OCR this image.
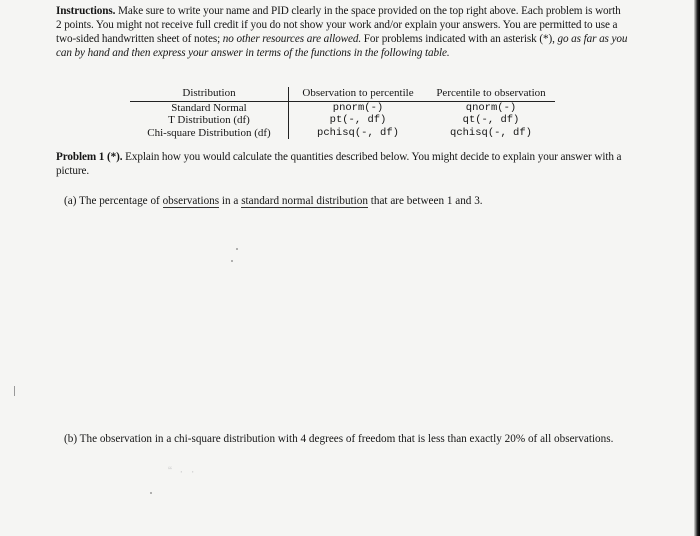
Instructions. Make sure to write your name and PID clearly in the space provided on the top right above. Each problem is worth 2 points. You might not receive full credit if you do not show your work and/or explain your answers. You are permitted to use a two-sided handwritten sheet of notes; no other resources are allowed. For problems indicated with an asterisk (*), go as far as you can by hand and then express your answer in terms of the functions in the following table.
Distribution	Observation to percentile	Percentile to observation
Standard Normal	pnorm(-)	qnorm(-)
T Distribution (df)	pt(-, df)	qt(-, df)
Chi-square Distribution (df)	pchisq(-, df)	qchisq(-, df)
Problem 1 (*). Explain how you would calculate the quantities described below. You might decide to explain your answer with a picture.
(a) The percentage of observations in a standard normal distribution that are between 1 and 3.
(b) The observation in a chi-square distribution with 4 degrees of freedom that is less than exactly 20% of all observations.
“ · ·
